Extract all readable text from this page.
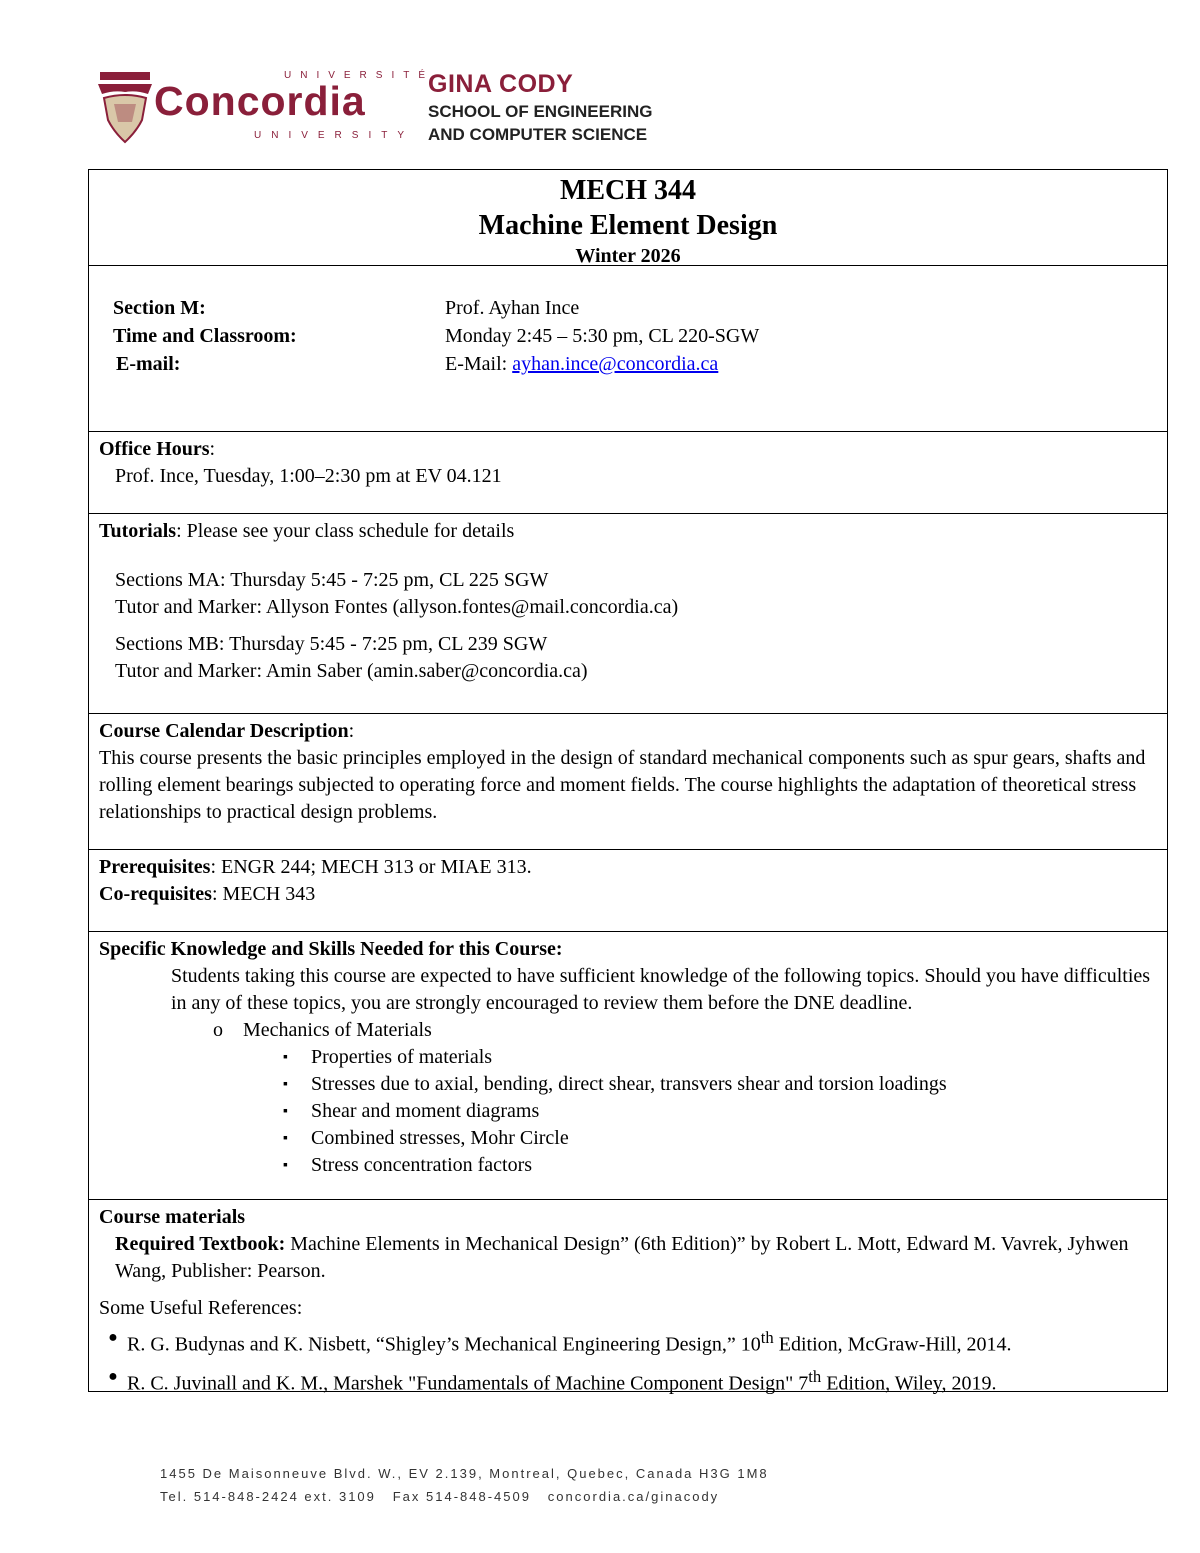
UNIVERSITÉ
Concordia
UNIVERSITY
GINA CODY
SCHOOL OF ENGINEERING
AND COMPUTER SCIENCE
MECH 344
Machine Element Design
Winter 2026
Section M:	Prof. Ayhan Ince
Time and Classroom:	Monday 2:45 – 5:30 pm, CL 220-SGW
E-mail:	E-Mail: ayhan.ince@concordia.ca
Office Hours:
Prof. Ince, Tuesday, 1:00–2:30 pm at EV 04.121
Tutorials: Please see your class schedule for details
Sections MA: Thursday 5:45 - 7:25 pm, CL 225 SGW
Tutor and Marker: Allyson Fontes (allyson.fontes@mail.concordia.ca)
Sections MB: Thursday 5:45 - 7:25 pm, CL 239 SGW
Tutor and Marker: Amin Saber (amin.saber@concordia.ca)
Course Calendar Description:
This course presents the basic principles employed in the design of standard mechanical components such as spur gears, shafts and rolling element bearings subjected to operating force and moment fields. The course highlights the adaptation of theoretical stress relationships to practical design problems.
Prerequisites: ENGR 244; MECH 313 or MIAE 313.
Co-requisites: MECH 343
Specific Knowledge and Skills Needed for this Course:
Students taking this course are expected to have sufficient knowledge of the following topics. Should you have difficulties in any of these topics, you are strongly encouraged to review them before the DNE deadline.
o	Mechanics of Materials
▪	Properties of materials
▪	Stresses due to axial, bending, direct shear, transvers shear and torsion loadings
▪	Shear and moment diagrams
▪	Combined stresses, Mohr Circle
▪	Stress concentration factors
Course materials
Required Textbook: Machine Elements in Mechanical Design” (6th Edition)” by Robert L. Mott, Edward M. Vavrek, Jyhwen Wang, Publisher: Pearson.
Some Useful References:
● R. G. Budynas and K. Nisbett, “Shigley’s Mechanical Engineering Design,” 10th Edition, McGraw-Hill, 2014.
● R. C. Juvinall and K. M., Marshek "Fundamentals of Machine Component Design" 7th Edition, Wiley, 2019.
1455 De Maisonneuve Blvd. W., EV 2.139, Montreal, Quebec, Canada H3G 1M8
Tel. 514-848-2424 ext. 3109   Fax 514-848-4509   concordia.ca/ginacody
